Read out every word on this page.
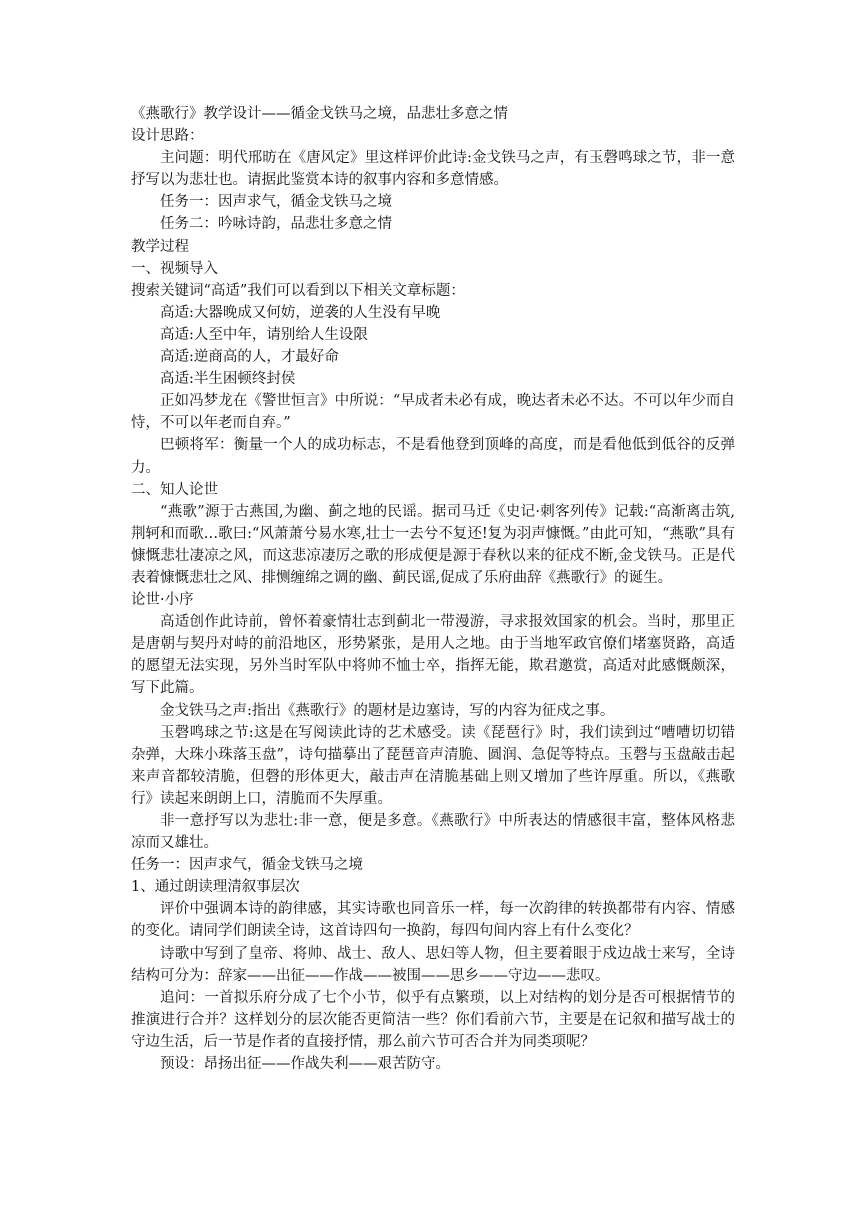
《燕歌行》教学设计——循金戈铁马之境，品悲壮多意之情

设计思路：

主问题：明代邢昉在《唐风定》里这样评价此诗:金戈铁马之声，有玉磬鸣球之节，非一意抒写以为悲壮也。请据此鉴赏本诗的叙事内容和多意情感。

任务一：因声求气，循金戈铁马之境

任务二：吟咏诗韵，品悲壮多意之情

教学过程

一、视频导入

搜索关键词“高适”我们可以看到以下相关文章标题：

高适:大器晚成又何妨，逆袭的人生没有早晚

高适:人至中年，请别给人生设限

高适:逆商高的人，才最好命

高适:半生困顿终封侯

正如冯梦龙在《警世恒言》中所说：“早成者未必有成，晚达者未必不达。不可以年少而自恃，不可以年老而自弃。”

巴顿将军：衡量一个人的成功标志，不是看他登到顶峰的高度，而是看他低到低谷的反弹力。

二、知人论世

“燕歌”源于古燕国,为幽、蓟之地的民谣。据司马迁《史记·刺客列传》记载:“高渐离击筑,荆轲和而歌…歌曰:“风萧萧兮易水寒,壮士一去兮不复还!复为羽声慷慨。”由此可知，“燕歌”具有慷慨悲壮凄凉之风，而这悲凉凄厉之歌的形成便是源于春秋以来的征戍不断,金戈铁马。正是代表着慷慨悲壮之风、排恻缠绵之调的幽、蓟民谣,促成了乐府曲辞《燕歌行》的诞生。

论世·小序

高适创作此诗前，曾怀着豪情壮志到蓟北一带漫游，寻求报效国家的机会。当时，那里正是唐朝与契丹对峙的前沿地区，形势紧张，是用人之地。由于当地军政官僚们堵塞贤路，高适的愿望无法实现，另外当时军队中将帅不恤士卒，指挥无能，欺君邀赏，高适对此感慨颇深，写下此篇。

金戈铁马之声:指出《燕歌行》的题材是边塞诗，写的内容为征戍之事。

玉磬鸣球之节:这是在写阅读此诗的艺术感受。读《琵琶行》时，我们读到过“嘈嘈切切错杂弹，大珠小珠落玉盘”，诗句描摹出了琵琶音声清脆、圆润、急促等特点。玉磬与玉盘敲击起来声音都较清脆，但磬的形体更大，敲击声在清脆基础上则又增加了些许厚重。所以，《燕歌行》读起来朗朗上口，清脆而不失厚重。

非一意抒写以为悲壮:非一意，便是多意。《燕歌行》中所表达的情感很丰富，整体风格悲凉而又雄壮。

任务一：因声求气，循金戈铁马之境

1、通过朗读理清叙事层次

评价中强调本诗的韵律感，其实诗歌也同音乐一样，每一次韵律的转换都带有内容、情感的变化。请同学们朗读全诗，这首诗四句一换韵，每四句间内容上有什么变化？

诗歌中写到了皇帝、将帅、战士、敌人、思妇等人物，但主要着眼于戍边战士来写，全诗结构可分为：辞家——出征——作战——被围——思乡——守边——悲叹。

追问：一首拟乐府分成了七个小节，似乎有点繁琐，以上对结构的划分是否可根据情节的推演进行合并？这样划分的层次能否更简洁一些？你们看前六节，主要是在记叙和描写战士的守边生活，后一节是作者的直接抒情，那么前六节可否合并为同类项呢？

预设：昂扬出征——作战失利——艰苦防守。
